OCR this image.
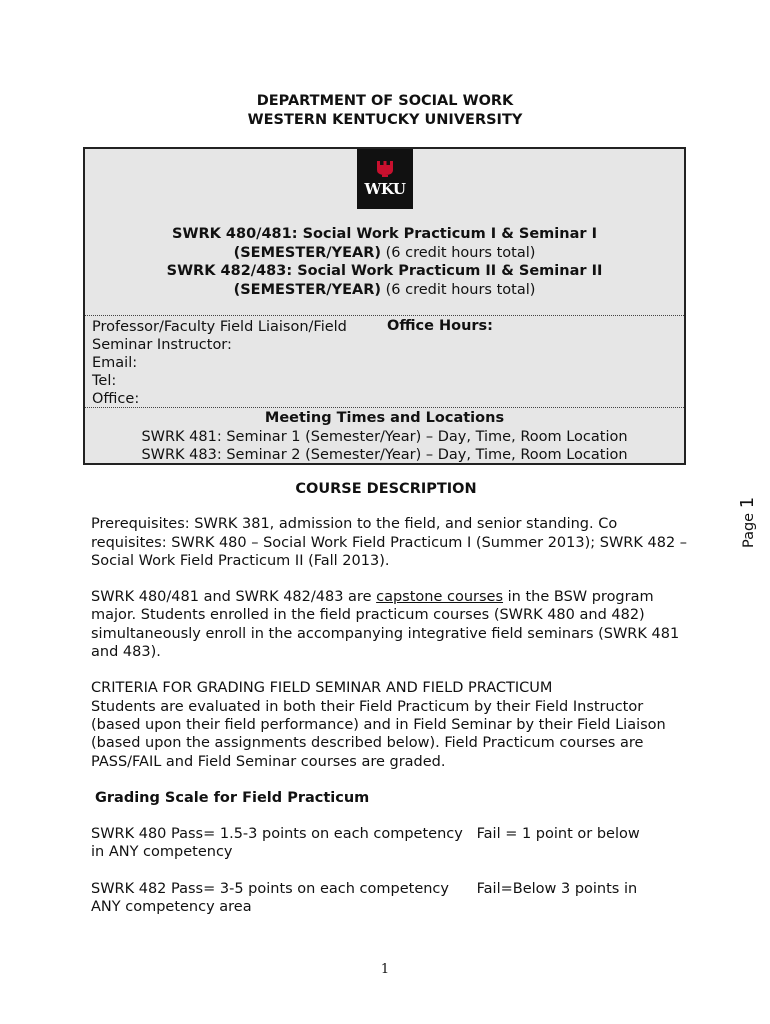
DEPARTMENT OF SOCIAL WORK
WESTERN KENTUCKY UNIVERSITY
WKU
SWRK 480/481: Social Work Practicum I & Seminar I
(SEMESTER/YEAR) (6 credit hours total)
SWRK 482/483: Social Work Practicum II & Seminar II
(SEMESTER/YEAR) (6 credit hours total)
Professor/Faculty Field Liaison/Field
Seminar Instructor:
Email:
Tel:
Office:
Office Hours:
Meeting Times and Locations
SWRK 481: Seminar 1 (Semester/Year) – Day, Time, Room Location
SWRK 483: Seminar 2 (Semester/Year) – Day, Time, Room Location

COURSE DESCRIPTION

Prerequisites: SWRK 381, admission to the field, and senior standing. Co requisites: SWRK 480 – Social Work Field Practicum I (Summer 2013); SWRK 482 – Social Work Field Practicum II (Fall 2013).

SWRK 480/481 and SWRK 482/483 are capstone courses in the BSW program major. Students enrolled in the field practicum courses (SWRK 480 and 482) simultaneously enroll in the accompanying integrative field seminars (SWRK 481 and 483).

CRITERIA FOR GRADING FIELD SEMINAR AND FIELD PRACTICUM

Students are evaluated in both their Field Practicum by their Field Instructor (based upon their field performance) and in Field Seminar by their Field Liaison (based upon the assignments described below). Field Practicum courses are PASS/FAIL and Field Seminar courses are graded.

Grading Scale for Field Practicum

SWRK 480 Pass= 1.5-3 points on each competency Fail = 1 point or below
in ANY competency

SWRK 482 Pass= 3-5 points on each competency Fail=Below 3 points in
ANY competency area

Page 1
1
